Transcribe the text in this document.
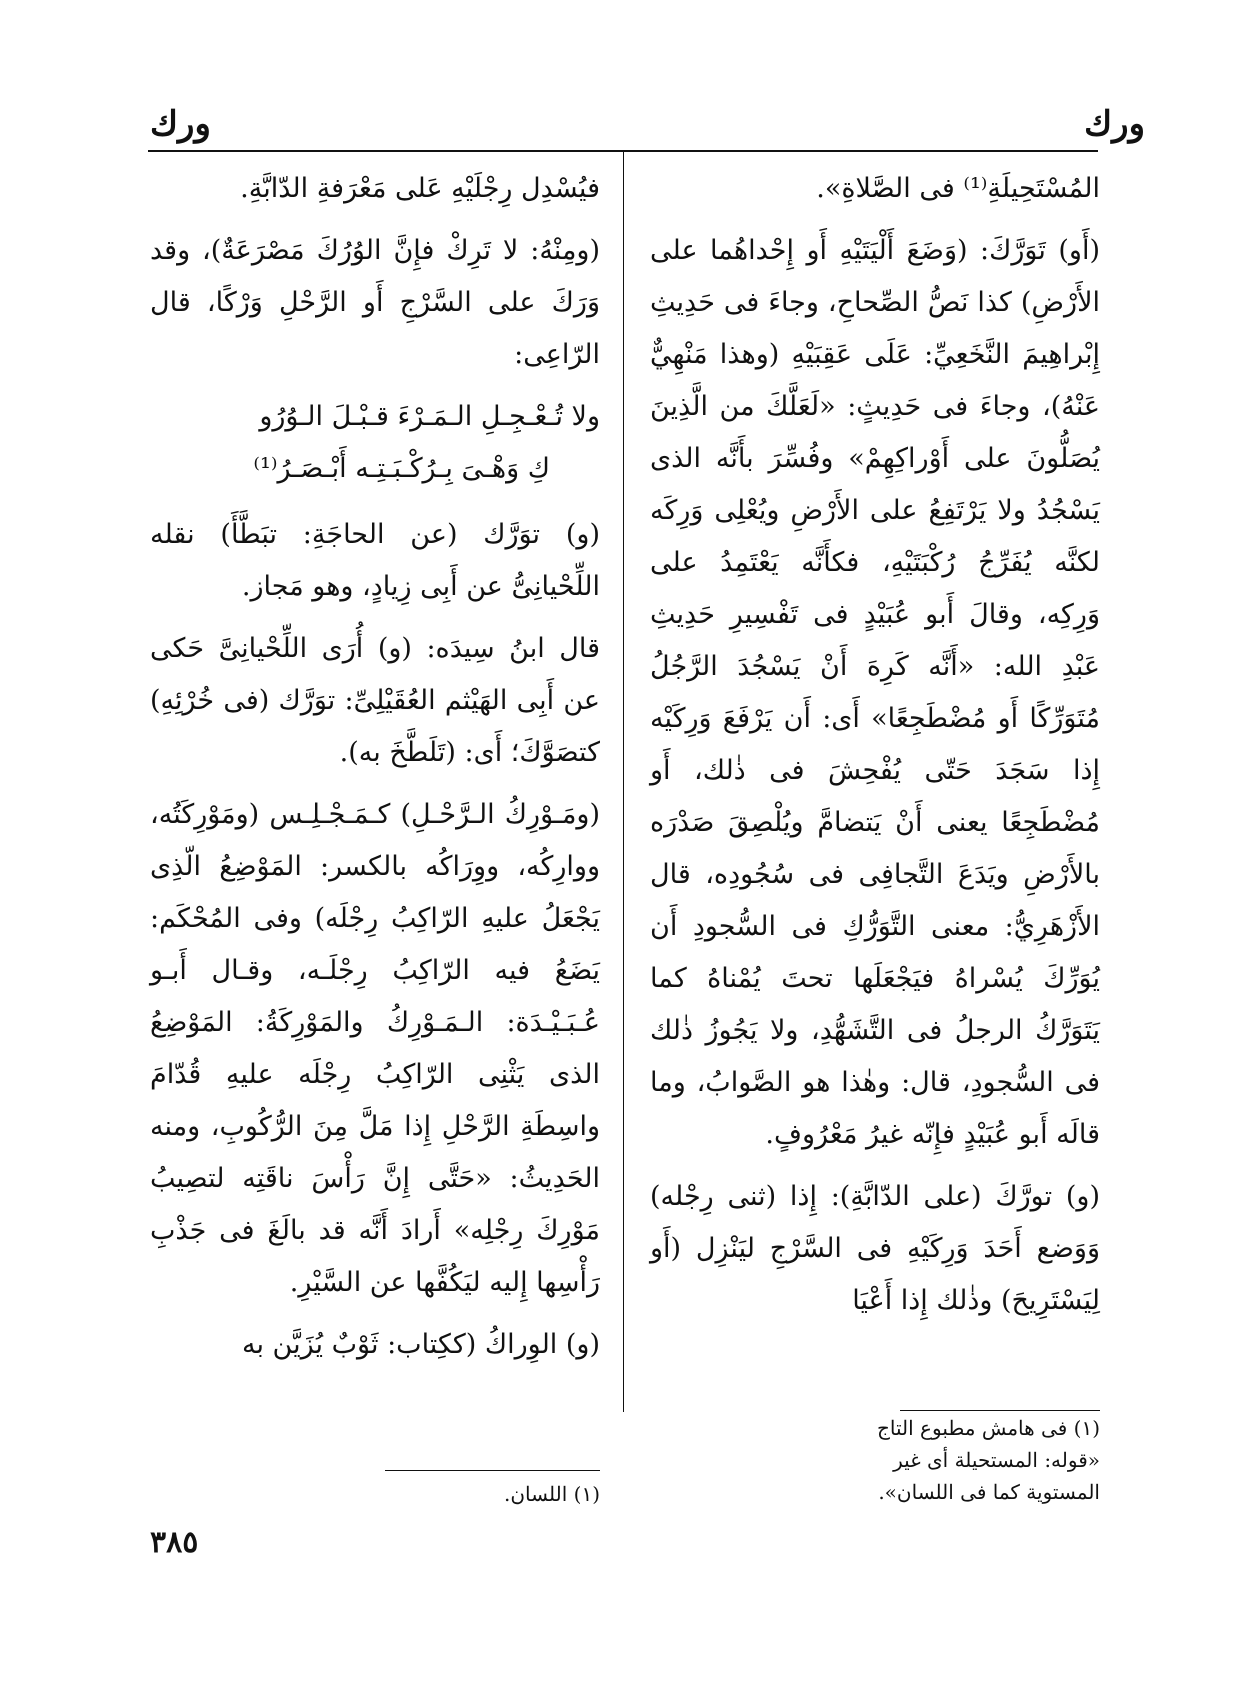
ورك
ورك

المُسْتَحِيلَةِ⁽¹⁾ فى الصَّلاةِ».

(أَو) تَوَرَّكَ: (وَضَعَ أَلْيَتَيْهِ أَو إِحْداهُما على الأَرْضِ) كذا نَصُّ الصِّحاحِ، وجاءَ فى حَدِيثِ إِبْراهِيمَ النَّخَعِيِّ: عَلَى عَقِبَيْهِ (وهذا مَنْهِيٌّ عَنْهُ)، وجاءَ فى حَدِيثٍ: «لَعَلَّكَ من الَّذِينَ يُصَلُّونَ على أَوْراكِهِمْ» وفُسِّرَ بأَنَّه الذى يَسْجُدُ ولا يَرْتَفِعُ على الأَرْضِ ويُعْلِى وَرِكَه لكنَّه يُفَرِّجُ رُكْبَتَيْهِ، فكأَنَّه يَعْتَمِدُ على وَرِكِه، وقالَ أَبو عُبَيْدٍ فى تَفْسِيرِ حَدِيثِ عَبْدِ الله: «أَنَّه كَرِهَ أَنْ يَسْجُدَ الرَّجُلُ مُتَوَرِّكًا أَو مُضْطَجِعًا» أَى: أَن يَرْفَعَ وَرِكَيْه إِذا سَجَدَ حَتّى يُفْحِشَ فى ذٰلك، أَو مُضْطَجِعًا يعنى أَنْ يَتضامَّ ويُلْصِقَ صَدْرَه بالأَرْضِ ويَدَعَ التَّجافِى فى سُجُودِه، قال الأَزْهَرِيُّ: معنى التَّوَرُّكِ فى السُّجودِ أَن يُوَرِّكَ يُسْراهُ فيَجْعَلَها تحتَ يُمْناهُ كما يَتَوَرَّكُ الرجلُ فى التَّشَهُّدِ، ولا يَجُوزُ ذٰلك فى السُّجودِ، قال: وهٰذا هو الصَّوابُ، وما قالَه أَبو عُبَيْدٍ فإِنّه غيرُ مَعْرُوفٍ.

(و) تورَّكَ (على الدّابَّةِ): إِذا (ثنى رِجْله) وَوَضع أَحَدَ وَرِكَيْهِ فى السَّرْجِ ليَنْزِل (أَو لِيَسْتَرِيحَ) وذٰلك إِذا أَعْيَا

فيُسْدِل رِجْلَيْهِ عَلى مَعْرَفةِ الدّابَّةِ.

(ومِنْهُ: لا تَرِكْ فإِنَّ الوُرُكَ مَصْرَعَةٌ)، وقد وَرَكَ على السَّرْجِ أَو الرَّحْلِ وَرْكًا، قال الرّاعِى:

ولا تُـعْـجِـلِ الـمَـرْءَ قـبْـلَ الـوُرُو
كِ وَهْـىَ بِـرُكْـبَـتِـه أَبْـصَـرُ⁽¹⁾

(و) توَرَّك (عن الحاجَةِ: تبَطَّأَ) نقله اللِّحْيانِىُّ عن أَبِى زِيادٍ، وهو مَجاز.

قال ابنُ سِيدَه: (و) أُرَى اللِّحْيانِىَّ حَكى عن أَبِى الهَيْثم العُقَيْلِىِّ: توَرَّك (فى خُرْئِهِ) كتصَوَّكَ؛ أَى: (تَلَطَّخَ به).

(ومَـوْرِكُ الـرَّحْـلِ) كـمَـجْـلِـس (ومَوْرِكَتُه، ووارِكُه، ووِرَاكُه بالكسر: المَوْضِعُ الّذِى يَجْعَلُ عليهِ الرّاكِبُ رِجْلَه) وفى المُحْكَم: يَضَعُ فيه الرّاكِبُ رِجْلَـه، وقـال أَبـو عُـبَـيْـدَة: الـمَـوْرِكُ والمَوْرِكَةُ: المَوْضِعُ الذى يَثْنِى الرّاكِبُ رِجْلَه عليهِ قُدّامَ واسِطَةِ الرَّحْلِ إِذا مَلَّ مِنَ الرُّكُوبِ، ومنه الحَدِيثُ: «حَتَّى إِنَّ رَأْسَ ناقَتِه لتصِيبُ مَوْرِكَ رِجْلِه» أَرادَ أَنَّه قد بالَغَ فى جَذْبِ رَأْسِها إِليه ليَكُفَّها عن السَّيْرِ.

(و) الوِراكُ (ككِتاب: ثَوْبٌ يُزَيَّن به

(١) فى هامش مطبوع التاج «قوله: المستحيلة أى غير المستوية كما فى اللسان».
(١) اللسان.
٣٨٥
